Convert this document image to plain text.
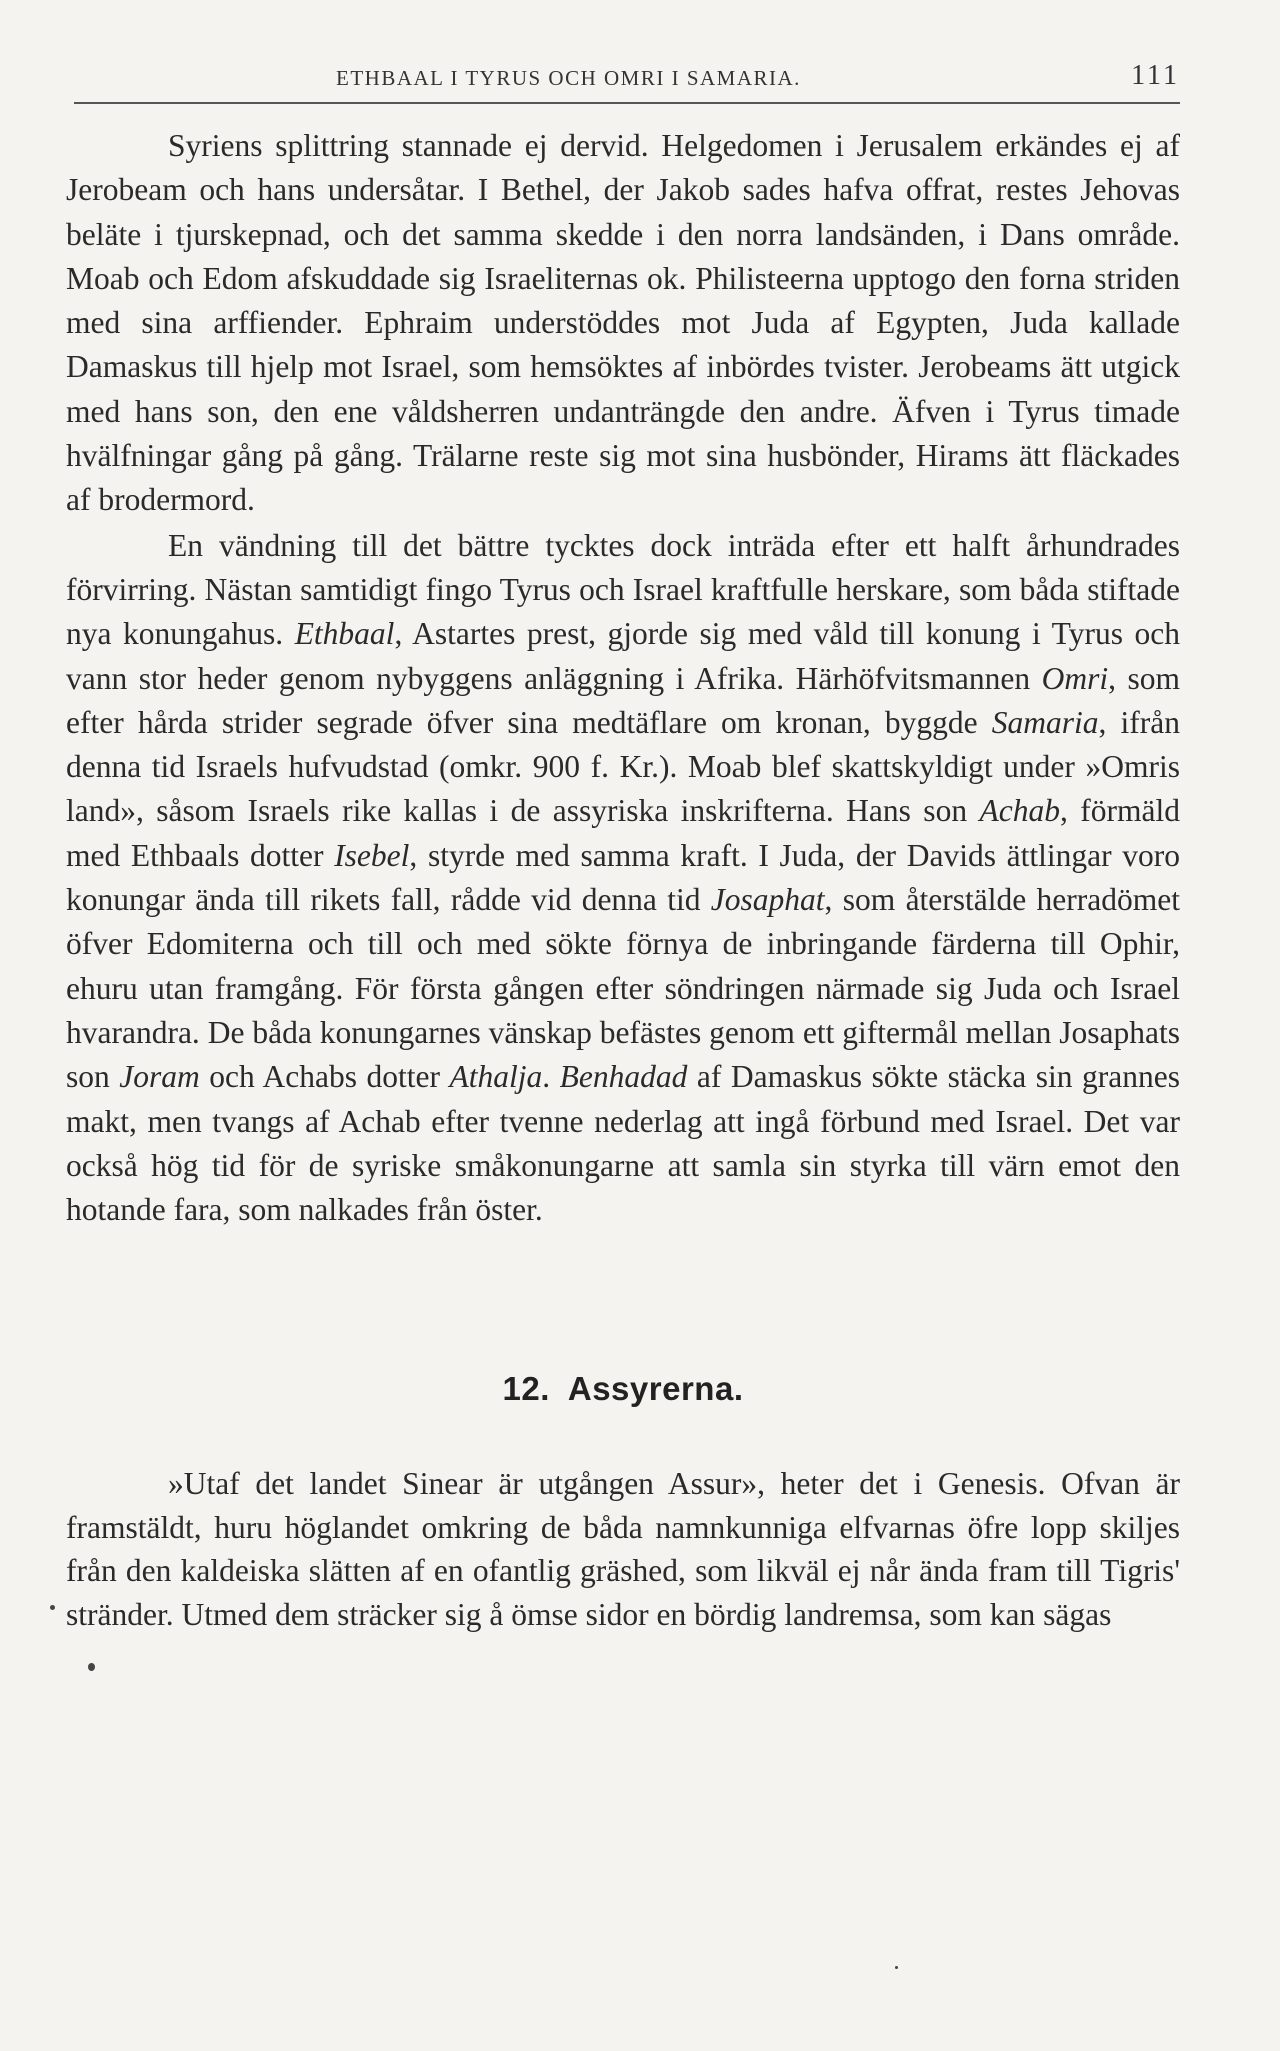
ETHBAAL I TYRUS OCH OMRI I SAMARIA.	111

Syriens splittring stannade ej dervid. Helgedomen i Jerusalem erkändes ej af Jerobeam och hans undersåtar. I Bethel, der Jakob sades hafva offrat, restes Jehovas beläte i tjurskepnad, och det samma skedde i den norra landsänden, i Dans område. Moab och Edom afskuddade sig Israeliternas ok. Philisteerna upptogo den forna striden med sina arffiender. Ephraim understöddes mot Juda af Egypten, Juda kallade Damaskus till hjelp mot Israel, som hemsöktes af inbördes tvister. Jerobeams ätt utgick med hans son, den ene våldsherren undanträngde den andre. Äfven i Tyrus timade hvälfningar gång på gång. Trälarne reste sig mot sina husbönder, Hirams ätt fläckades af brodermord.

En vändning till det bättre tycktes dock inträda efter ett halft århundrades förvirring. Nästan samtidigt fingo Tyrus och Israel kraftfulle herskare, som båda stiftade nya konungahus. Ethbaal, Astartes prest, gjorde sig med våld till konung i Tyrus och vann stor heder genom nybyggens anläggning i Afrika. Härhöfvitsmannen Omri, som efter hårda strider segrade öfver sina medtäflare om kronan, byggde Samaria, ifrån denna tid Israels hufvudstad (omkr. 900 f. Kr.). Moab blef skattskyldigt under »Omris land», såsom Israels rike kallas i de assyriska inskrifterna. Hans son Achab, förmäld med Ethbaals dotter Isebel, styrde med samma kraft. I Juda, der Davids ättlingar voro konungar ända till rikets fall, rådde vid denna tid Josaphat, som återstälde herradömet öfver Edomiterna och till och med sökte förnya de inbringande färderna till Ophir, ehuru utan framgång. För första gången efter söndringen närmade sig Juda och Israel hvarandra. De båda konungarnes vänskap befästes genom ett giftermål mellan Josaphats son Joram och Achabs dotter Athalja. Benhadad af Damaskus sökte stäcka sin grannes makt, men tvangs af Achab efter tvenne nederlag att ingå förbund med Israel. Det var också hög tid för de syriske småkonungarne att samla sin styrka till värn emot den hotande fara, som nalkades från öster.

12. Assyrerna.

»Utaf det landet Sinear är utgången Assur», heter det i Genesis. Ofvan är framstäldt, huru höglandet omkring de båda namnkunniga elfvarnas öfre lopp skiljes från den kaldeiska slätten af en ofantlig gräshed, som likväl ej når ända fram till Tigris' stränder. Utmed dem sträcker sig å ömse sidor en bördig landremsa, som kan sägas
